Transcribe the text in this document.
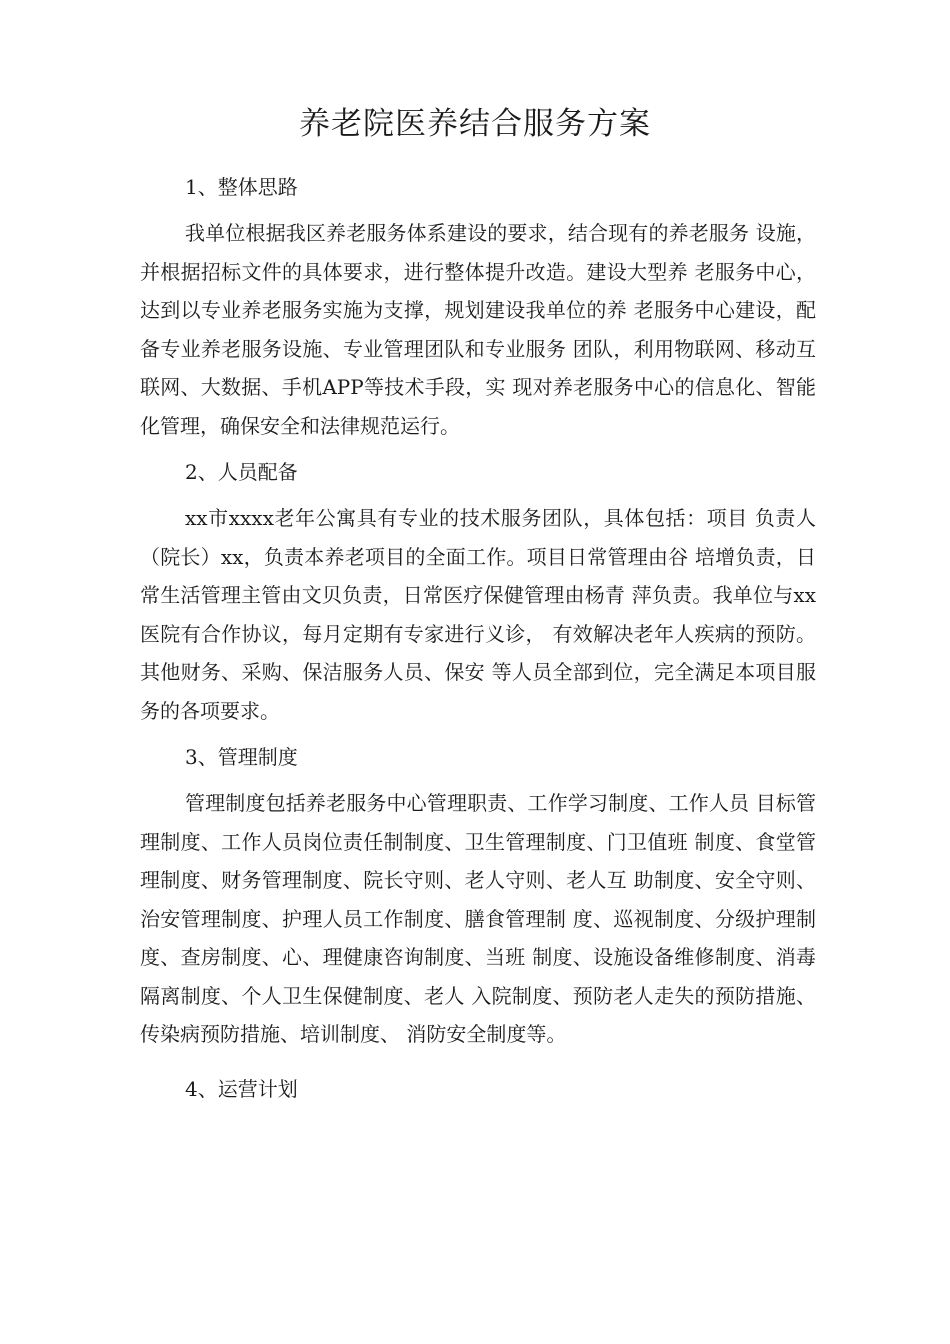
养老院医养结合服务方案

1、整体思路

我单位根据我区养老服务体系建设的要求，结合现有的养老服务 设施，并根据招标文件的具体要求，进行整体提升改造。建设大型养 老服务中心，达到以专业养老服务实施为支撑，规划建设我单位的养 老服务中心建设，配备专业养老服务设施、专业管理团队和专业服务 团队，利用物联网、移动互联网、大数据、手机APP等技术手段，实 现对养老服务中心的信息化、智能化管理，确保安全和法律规范运行。

2、人员配备

xx市xxxx老年公寓具有专业的技术服务团队，具体包括：项目 负责人（院长）xx，负责本养老项目的全面工作。项目日常管理由谷 培增负责，日常生活管理主管由文贝负责，日常医疗保健管理由杨青 萍负责。我单位与xx医院有合作协议，每月定期有专家进行义诊， 有效解决老年人疾病的预防。其他财务、采购、保洁服务人员、保安 等人员全部到位，完全满足本项目服务的各项要求。

3、管理制度

管理制度包括养老服务中心管理职责、工作学习制度、工作人员 目标管理制度、工作人员岗位责任制制度、卫生管理制度、门卫值班 制度、食堂管理制度、财务管理制度、院长守则、老人守则、老人互 助制度、安全守则、治安管理制度、护理人员工作制度、膳食管理制 度、巡视制度、分级护理制度、查房制度、心、理健康咨询制度、当班 制度、设施设备维修制度、消毒隔离制度、个人卫生保健制度、老人 入院制度、预防老人走失的预防措施、传染病预防措施、培训制度、 消防安全制度等。

4、运营计划
